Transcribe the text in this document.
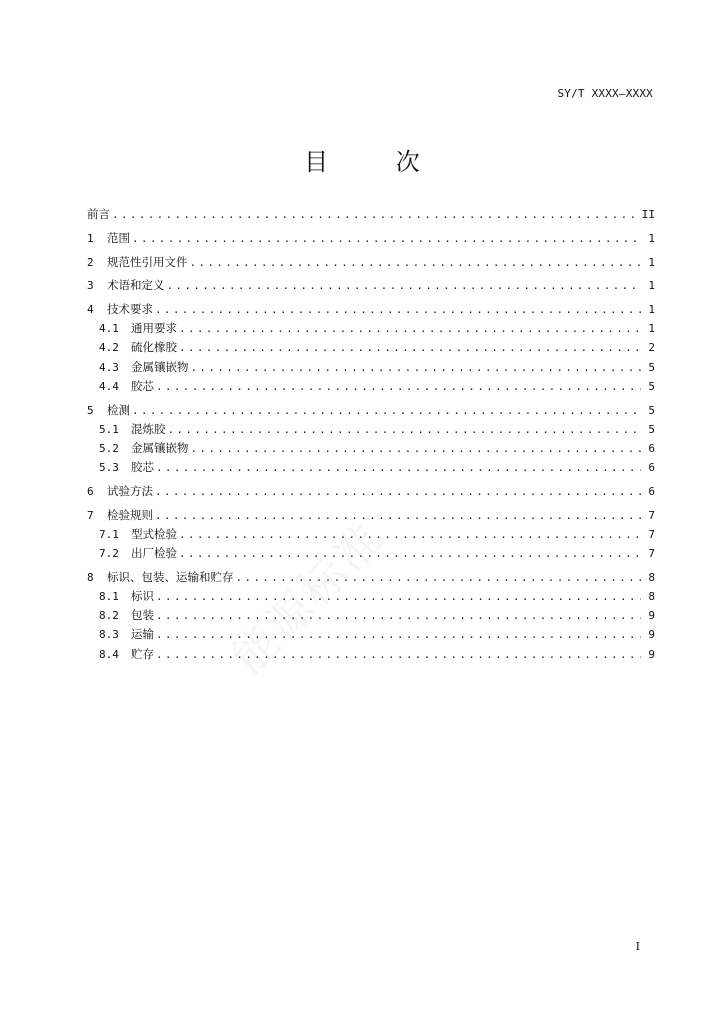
SY/T XXXX—XXXX
目 次
能源标准
前言 .....	II
1	范围 .....	1
2	规范性引用文件 .....	1
3	术语和定义 .....	1
4	技术要求 .....	1
4.1	通用要求 .....	1
4.2	硫化橡胶 .....	2
4.3	金属镶嵌物 .....	5
4.4	胶芯 .....	5
5	检测 .....	5
5.1	混炼胶 .....	5
5.2	金属镶嵌物 .....	6
5.3	胶芯 .....	6
6	试验方法 .....	6
7	检验规则 .....	7
7.1	型式检验 .....	7
7.2	出厂检验 .....	7
8	标识、包装、运输和贮存 .....	8
8.1	标识 .....	8
8.2	包装 .....	9
8.3	运输 .....	9
8.4	贮存 .....	9
I
